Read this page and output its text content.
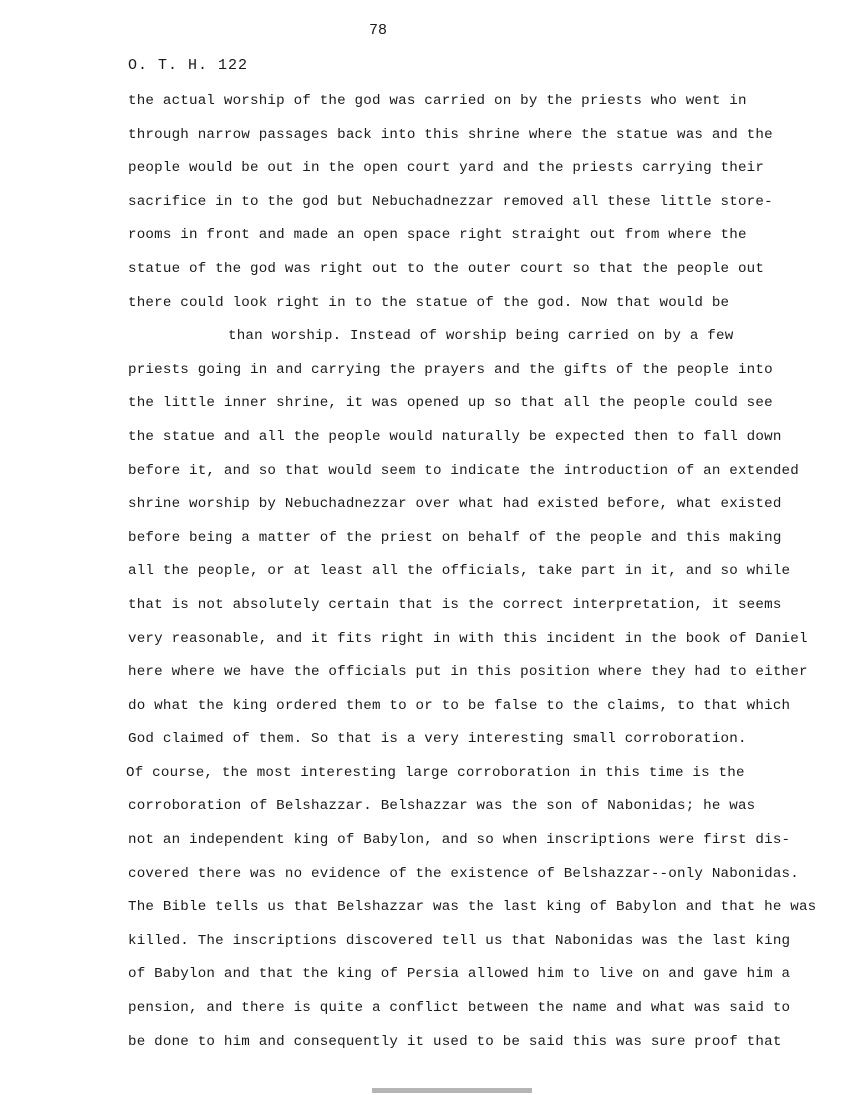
78
O. T. H. 122
the actual worship of the god was carried on by the priests who went in
through narrow passages back into this shrine where the statue was and the
people would be out in the open court yard and the priests carrying their
sacrifice in to the god but Nebuchadnezzar removed all these little store-
rooms in front and made an open space right straight out from where the
statue of the god was right out to the outer court so that the people out
there could look right in to the statue of the god. Now that would be
than worship. Instead of worship being carried on by a few
priests going in and carrying the prayers and the gifts of the people into
the little inner shrine, it was opened up so that all the people could see
the statue and all the people would naturally be expected then to fall down
before it, and so that would seem to indicate the introduction of an extended
shrine worship by Nebuchadnezzar over what had existed before, what existed
before being a matter of the priest on behalf of the people and this making
all the people, or at least all the officials, take part in it, and so while
that is not absolutely certain that is the correct interpretation, it seems
very reasonable, and it fits right in with this incident in the book of Daniel
here where we have the officials put in this position where they had to either
do what the king ordered them to or to be false to the claims, to that which
God claimed of them. So that is a very interesting small corroboration.
Of course, the most interesting large corroboration in this time is the
corroboration of Belshazzar. Belshazzar was the son of Nabonidas; he was
not an independent king of Babylon, and so when inscriptions were first dis-
covered there was no evidence of the existence of Belshazzar--only Nabonidas.
The Bible tells us that Belshazzar was the last king of Babylon and that he was
killed. The inscriptions discovered tell us that Nabonidas was the last king
of Babylon and that the king of Persia allowed him to live on and gave him a
pension, and there is quite a conflict between the name and what was said to
be done to him and consequently it used to be said this was sure proof that
